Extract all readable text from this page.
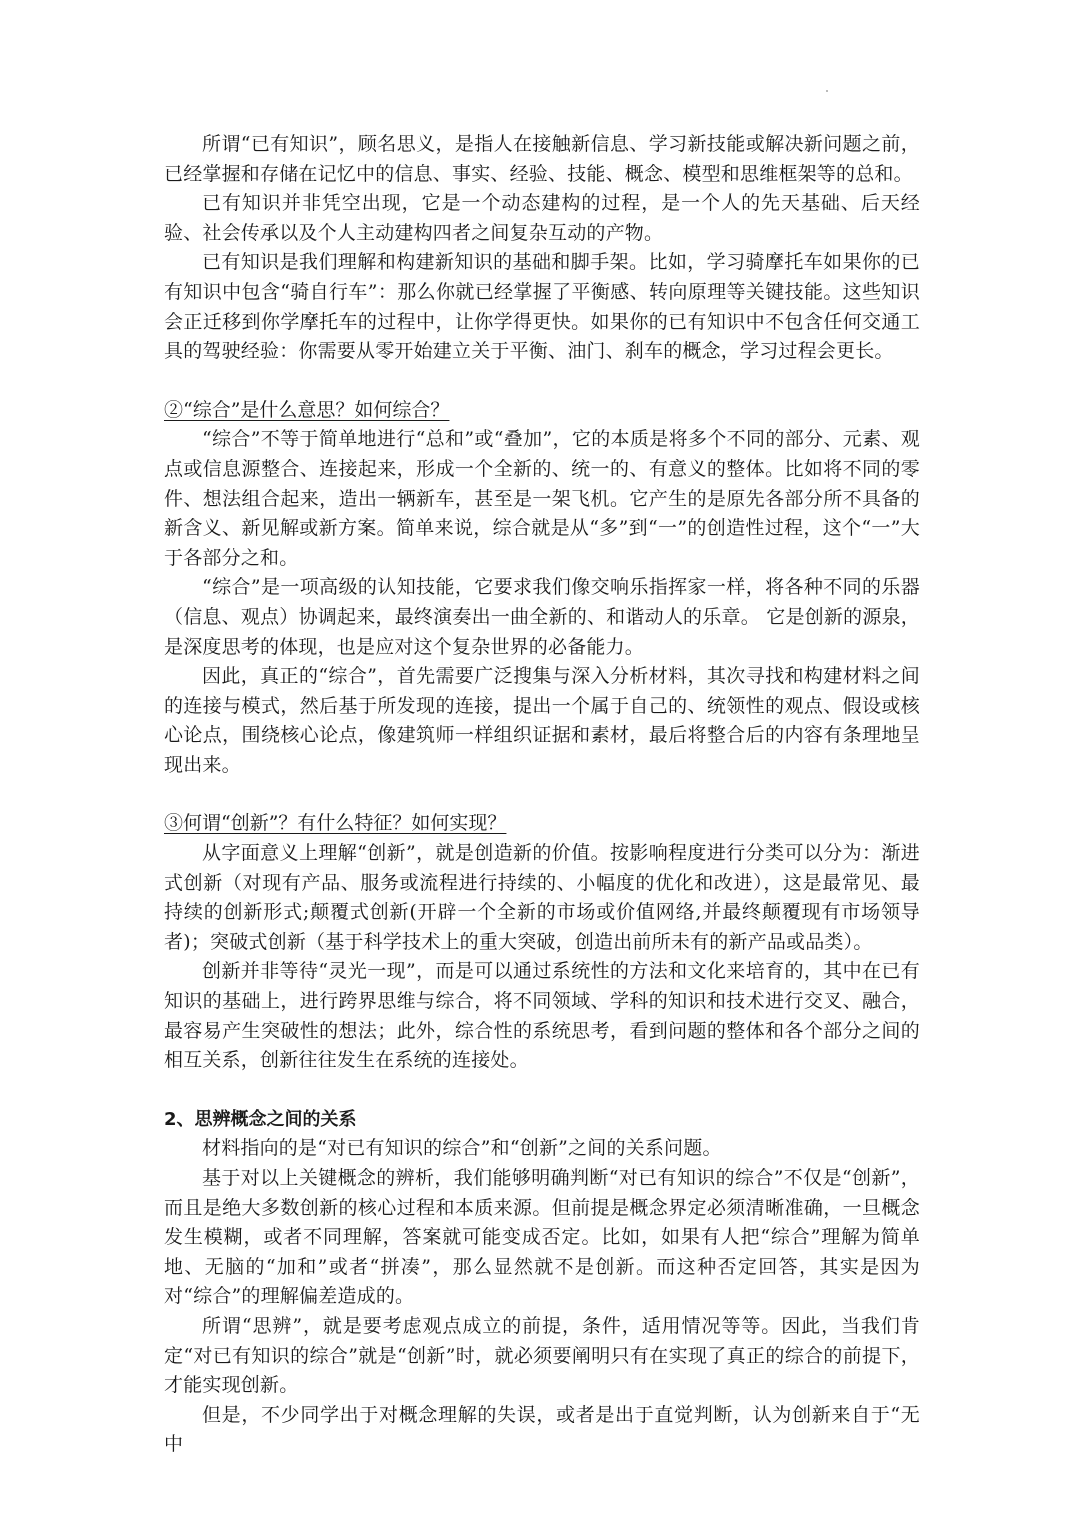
所谓“已有知识”，顾名思义，是指人在接触新信息、学习新技能或解决新问题之前，已经掌握和存储在记忆中的信息、事实、经验、技能、概念、模型和思维框架等的总和。

已有知识并非凭空出现，它是一个动态建构的过程，是一个人的先天基础、后天经验、社会传承以及个人主动建构四者之间复杂互动的产物。

已有知识是我们理解和构建新知识的基础和脚手架。比如，学习骑摩托车如果你的已有知识中包含“骑自行车”：那么你就已经掌握了平衡感、转向原理等关键技能。这些知识会正迁移到你学摩托车的过程中，让你学得更快。如果你的已有知识中不包含任何交通工具的驾驶经验：你需要从零开始建立关于平衡、油门、刹车的概念，学习过程会更长。

②“综合”是什么意思？如何综合？

“综合”不等于简单地进行“总和”或“叠加”，它的本质是将多个不同的部分、元素、观点或信息源整合、连接起来，形成一个全新的、统一的、有意义的整体。比如将不同的零件、想法组合起来，造出一辆新车，甚至是一架飞机。它产生的是原先各部分所不具备的新含义、新见解或新方案。简单来说，综合就是从“多”到“一”的创造性过程，这个“一”大于各部分之和。

“综合”是一项高级的认知技能，它要求我们像交响乐指挥家一样，将各种不同的乐器（信息、观点）协调起来，最终演奏出一曲全新的、和谐动人的乐章。 它是创新的源泉，是深度思考的体现，也是应对这个复杂世界的必备能力。

因此，真正的“综合”，首先需要广泛搜集与深入分析材料，其次寻找和构建材料之间的连接与模式，然后基于所发现的连接，提出一个属于自己的、统领性的观点、假设或核心论点，围绕核心论点，像建筑师一样组织证据和素材，最后将整合后的内容有条理地呈现出来。

③何谓“创新”？有什么特征？如何实现？

从字面意义上理解“创新”，就是创造新的价值。按影响程度进行分类可以分为：渐进式创新（对现有产品、服务或流程进行持续的、小幅度的优化和改进），这是最常见、最持续的创新形式;颠覆式创新(开辟一个全新的市场或价值网络,并最终颠覆现有市场领导者)；突破式创新（基于科学技术上的重大突破，创造出前所未有的新产品或品类）。

创新并非等待“灵光一现”，而是可以通过系统性的方法和文化来培育的，其中在已有知识的基础上，进行跨界思维与综合，将不同领域、学科的知识和技术进行交叉、融合，最容易产生突破性的想法；此外，综合性的系统思考，看到问题的整体和各个部分之间的相互关系，创新往往发生在系统的连接处。

2、思辨概念之间的关系

材料指向的是“对已有知识的综合”和“创新”之间的关系问题。

基于对以上关键概念的辨析，我们能够明确判断“对已有知识的综合”不仅是“创新”，而且是绝大多数创新的核心过程和本质来源。但前提是概念界定必须清晰准确，一旦概念发生模糊，或者不同理解，答案就可能变成否定。比如，如果有人把“综合”理解为简单地、无脑的“加和”或者“拼凑”，那么显然就不是创新。而这种否定回答，其实是因为对“综合”的理解偏差造成的。

所谓“思辨”，就是要考虑观点成立的前提，条件，适用情况等等。因此，当我们肯定“对已有知识的综合”就是“创新”时，就必须要阐明只有在实现了真正的综合的前提下，才能实现创新。

但是，不少同学出于对概念理解的失误，或者是出于直觉判断，认为创新来自于“无中
